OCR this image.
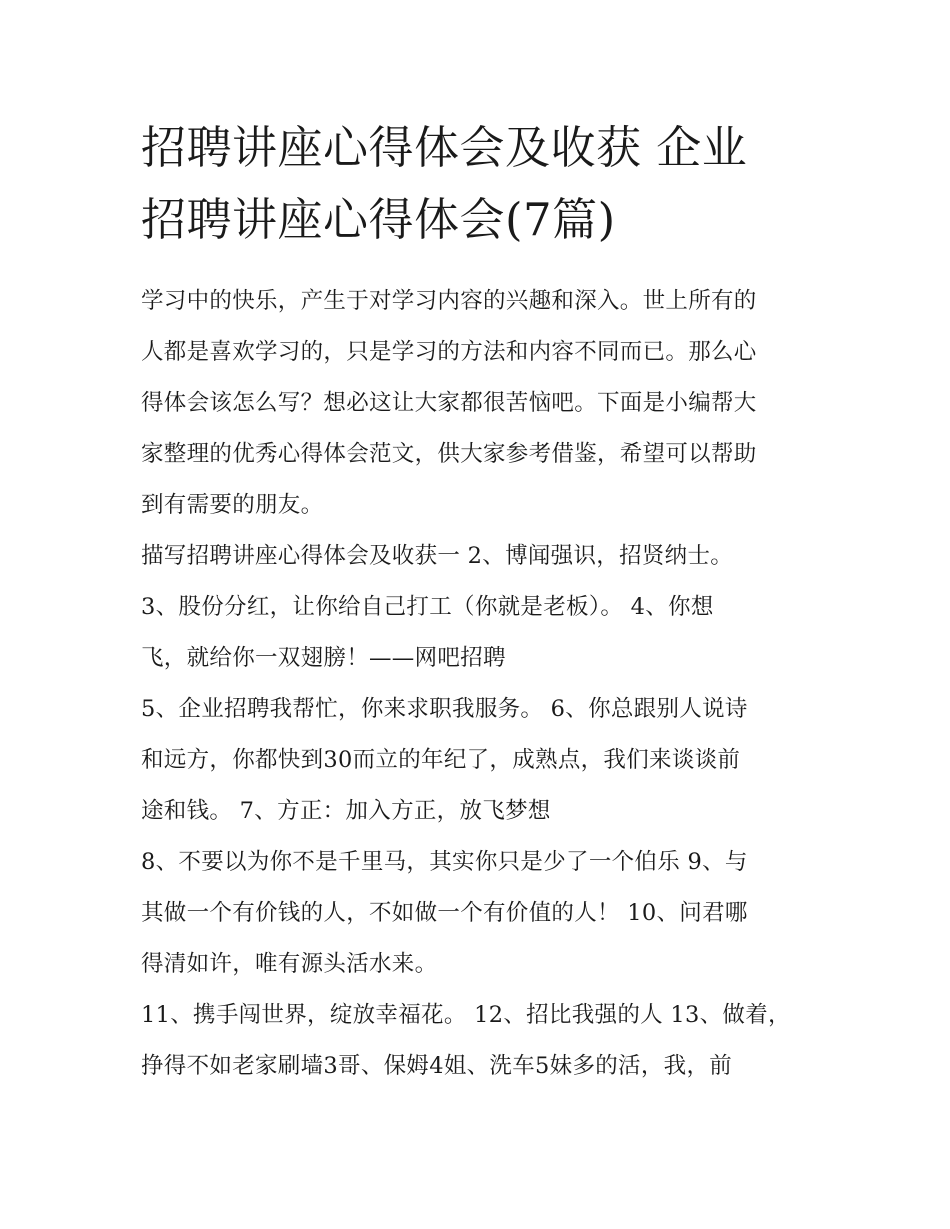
招聘讲座心得体会及收获 企业
招聘讲座心得体会(7篇)
学习中的快乐，产生于对学习内容的兴趣和深入。世上所有的
人都是喜欢学习的，只是学习的方法和内容不同而已。那么心
得体会该怎么写？想必这让大家都很苦恼吧。下面是小编帮大
家整理的优秀心得体会范文，供大家参考借鉴，希望可以帮助
到有需要的朋友。
描写招聘讲座心得体会及收获一 2、博闻强识，招贤纳士。
3、股份分红，让你给自己打工（你就是老板）。 4、你想
飞，就给你一双翅膀！——网吧招聘
5、企业招聘我帮忙，你来求职我服务。 6、你总跟别人说诗
和远方，你都快到30而立的年纪了，成熟点，我们来谈谈前
途和钱。 7、方正：加入方正，放飞梦想
8、不要以为你不是千里马，其实你只是少了一个伯乐 9、与
其做一个有价钱的人，不如做一个有价值的人！ 10、问君哪
得清如许，唯有源头活水来。
11、携手闯世界，绽放幸福花。 12、招比我强的人 13、做着，
挣得不如老家刷墙3哥、保姆4姐、洗车5妹多的活，我，前
